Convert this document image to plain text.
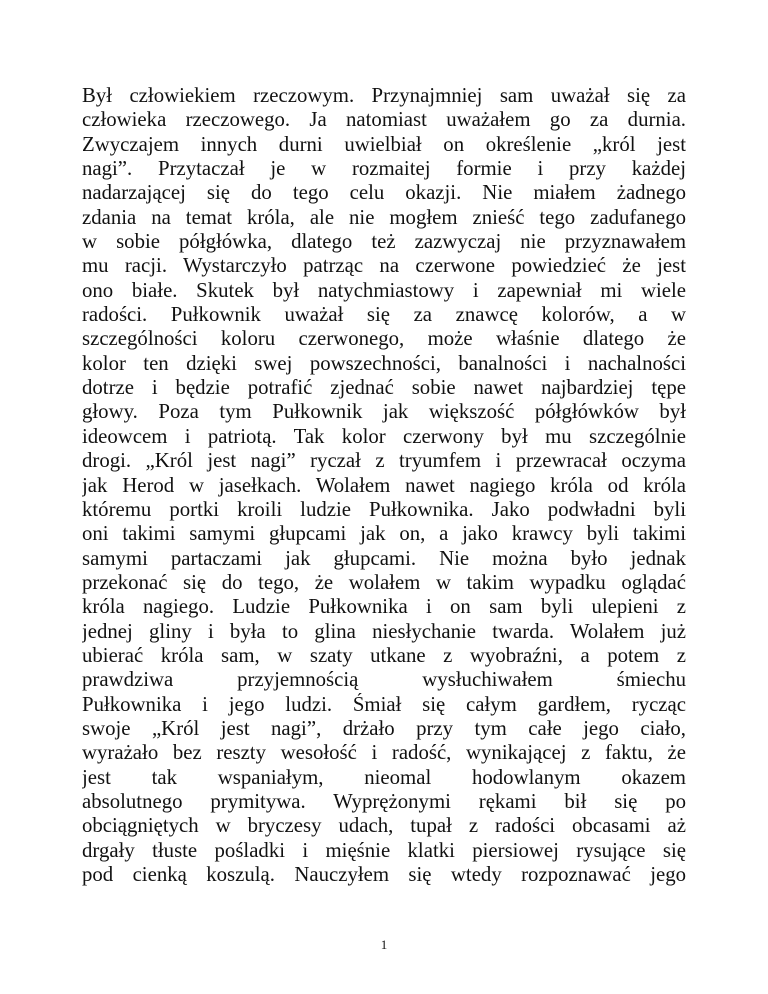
Był człowiekiem rzeczowym. Przynajmniej sam uważał się za
człowieka rzeczowego. Ja natomiast uważałem go za durnia.
Zwyczajem innych durni uwielbiał on określenie „król jest
nagi”. Przytaczał je w rozmaitej formie i przy każdej
nadarzającej się do tego celu okazji. Nie miałem żadnego
zdania na temat króla, ale nie mogłem znieść tego zadufanego
w sobie półgłówka, dlatego też zazwyczaj nie przyznawałem
mu racji. Wystarczyło patrząc na czerwone powiedzieć że jest
ono białe. Skutek był natychmiastowy i zapewniał mi wiele
radości. Pułkownik uważał się za znawcę kolorów, a w
szczególności koloru czerwonego, może właśnie dlatego że
kolor ten dzięki swej powszechności, banalności i nachalności
dotrze i będzie potrafić zjednać sobie nawet najbardziej tępe
głowy. Poza tym Pułkownik jak większość półgłówków był
ideowcem i patriotą. Tak kolor czerwony był mu szczególnie
drogi. „Król jest nagi” ryczał z tryumfem i przewracał oczyma
jak Herod w jasełkach. Wolałem nawet nagiego króla od króla
któremu portki kroili ludzie Pułkownika. Jako podwładni byli
oni takimi samymi głupcami jak on, a jako krawcy byli takimi
samymi partaczami jak głupcami. Nie można było jednak
przekonać się do tego, że wolałem w takim wypadku oglądać
króla nagiego. Ludzie Pułkownika i on sam byli ulepieni z
jednej gliny i była to glina niesłychanie twarda. Wolałem już
ubierać króla sam, w szaty utkane z wyobraźni, a potem z
prawdziwa przyjemnością wysłuchiwałem śmiechu
Pułkownika i jego ludzi. Śmiał się całym gardłem, rycząc
swoje „Król jest nagi”, drżało przy tym całe jego ciało,
wyrażało bez reszty wesołość i radość, wynikającej z faktu, że
jest tak wspaniałym, nieomal hodowlanym okazem
absolutnego prymitywa. Wyprężonymi rękami bił się po
obciągniętych w bryczesy udach, tupał z radości obcasami aż
drgały tłuste pośladki i mięśnie klatki piersiowej rysujące się
pod cienką koszulą. Nauczyłem się wtedy rozpoznawać jego
1
